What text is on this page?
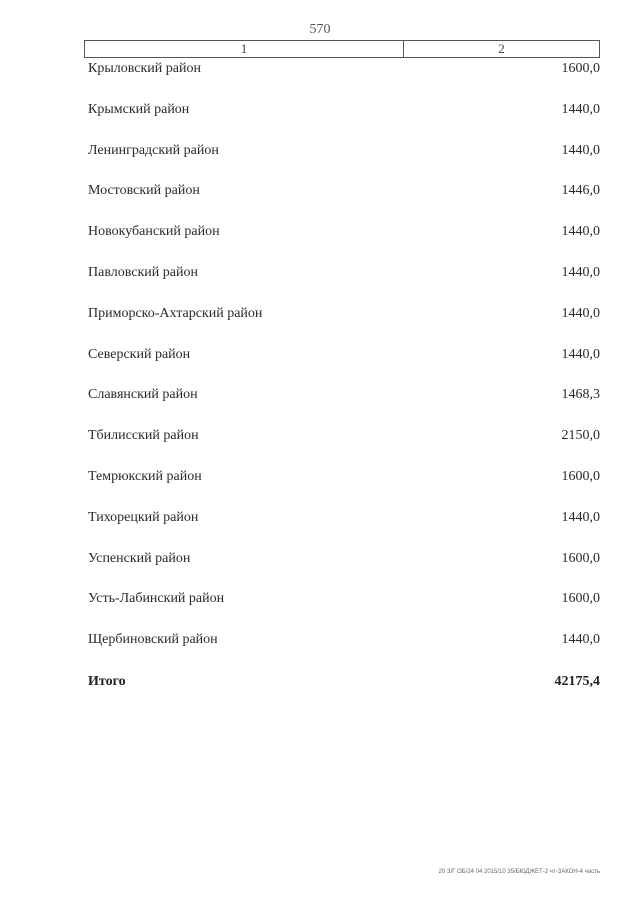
570
1	2
Крыловский район	1600,0
Крымский район	1440,0
Ленинградский район	1440,0
Мостовский район	1446,0
Новокубанский район	1440,0
Павловский район	1440,0
Приморско-Ахтарский район	1440,0
Северский район	1440,0
Славянский район	1468,3
Тбилисский район	2150,0
Темрюкский район	1600,0
Тихорецкий район	1440,0
Успенский район	1600,0
Усть-Лабинский район	1600,0
Щербиновский район	1440,0
Итого	42175,4
20 З/Г ОБ/24 04 2015/10 35/БЮДЖЕТ-2 чт-ЗАКОН-4 часть
